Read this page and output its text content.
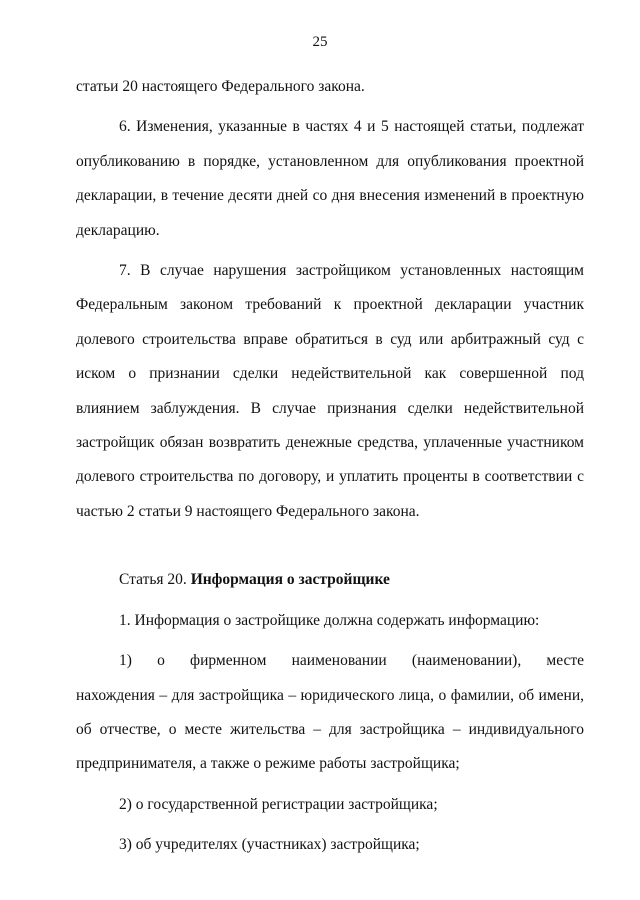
25

статьи 20 настоящего Федерального закона.

6. Изменения, указанные в частях 4 и 5 настоящей статьи, подлежат опубликованию в порядке, установленном для опубликования проектной декларации, в течение десяти дней со дня внесения изменений в проектную декларацию.

7. В случае нарушения застройщиком установленных настоящим Федеральным законом требований к проектной декларации участник долевого строительства вправе обратиться в суд или арбитражный суд с иском о признании сделки недействительной как совершенной под влиянием заблуждения. В случае признания сделки недействительной застройщик обязан возвратить денежные средства, уплаченные участником долевого строительства по договору, и уплатить проценты в соответствии с частью 2 статьи 9 настоящего Федерального закона.

Статья 20. Информация о застройщике

1. Информация о застройщике должна содержать информацию:

1) о фирменном наименовании (наименовании), месте

нахождения – для застройщика – юридического лица, о фамилии, об имени, об отчестве, о месте жительства – для застройщика – индивидуального предпринимателя, а также о режиме работы застройщика;

2) о государственной регистрации застройщика;

3) об учредителях (участниках) застройщика;
